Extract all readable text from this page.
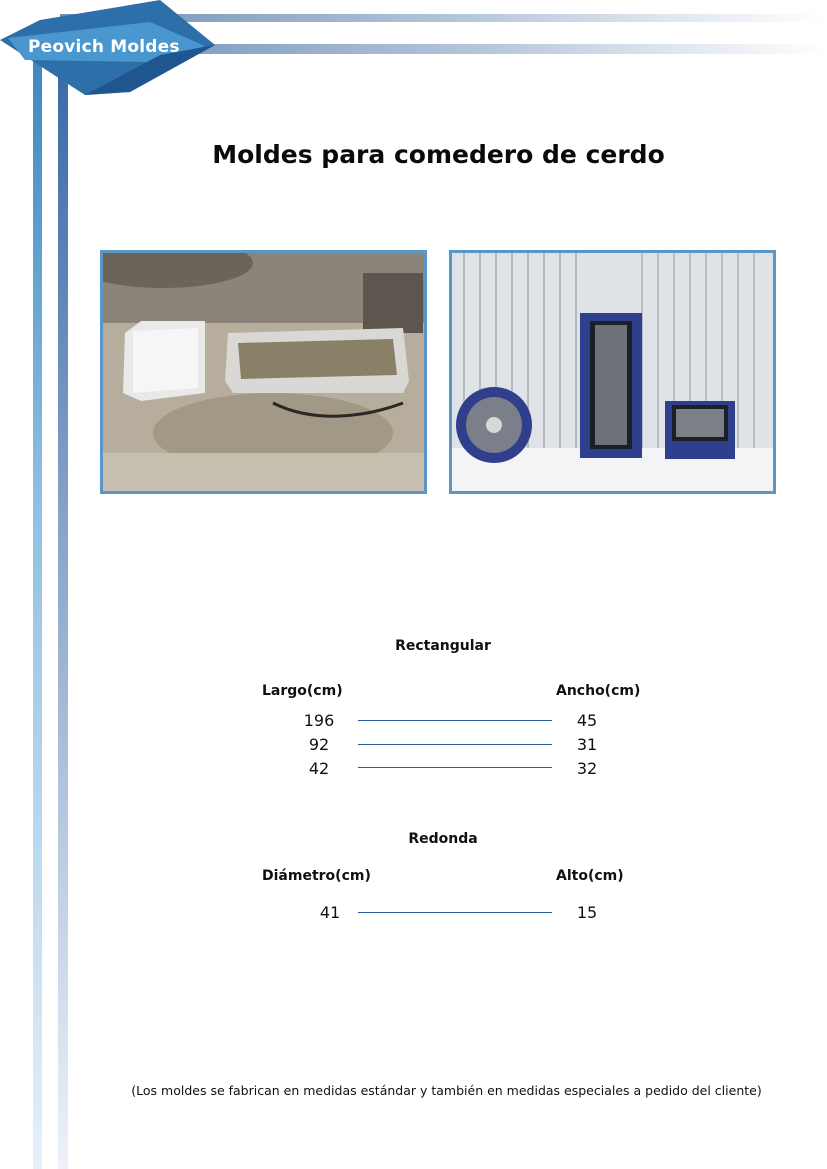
Peovich Moldes
Moldes para comedero de cerdo
Rectangular
Largo(cm)	Ancho(cm)
196	45
92	31
42	32
Redonda
Diámetro(cm)	Alto(cm)
41	15
(Los moldes se fabrican en medidas estándar y también en medidas especiales a pedido del cliente)
